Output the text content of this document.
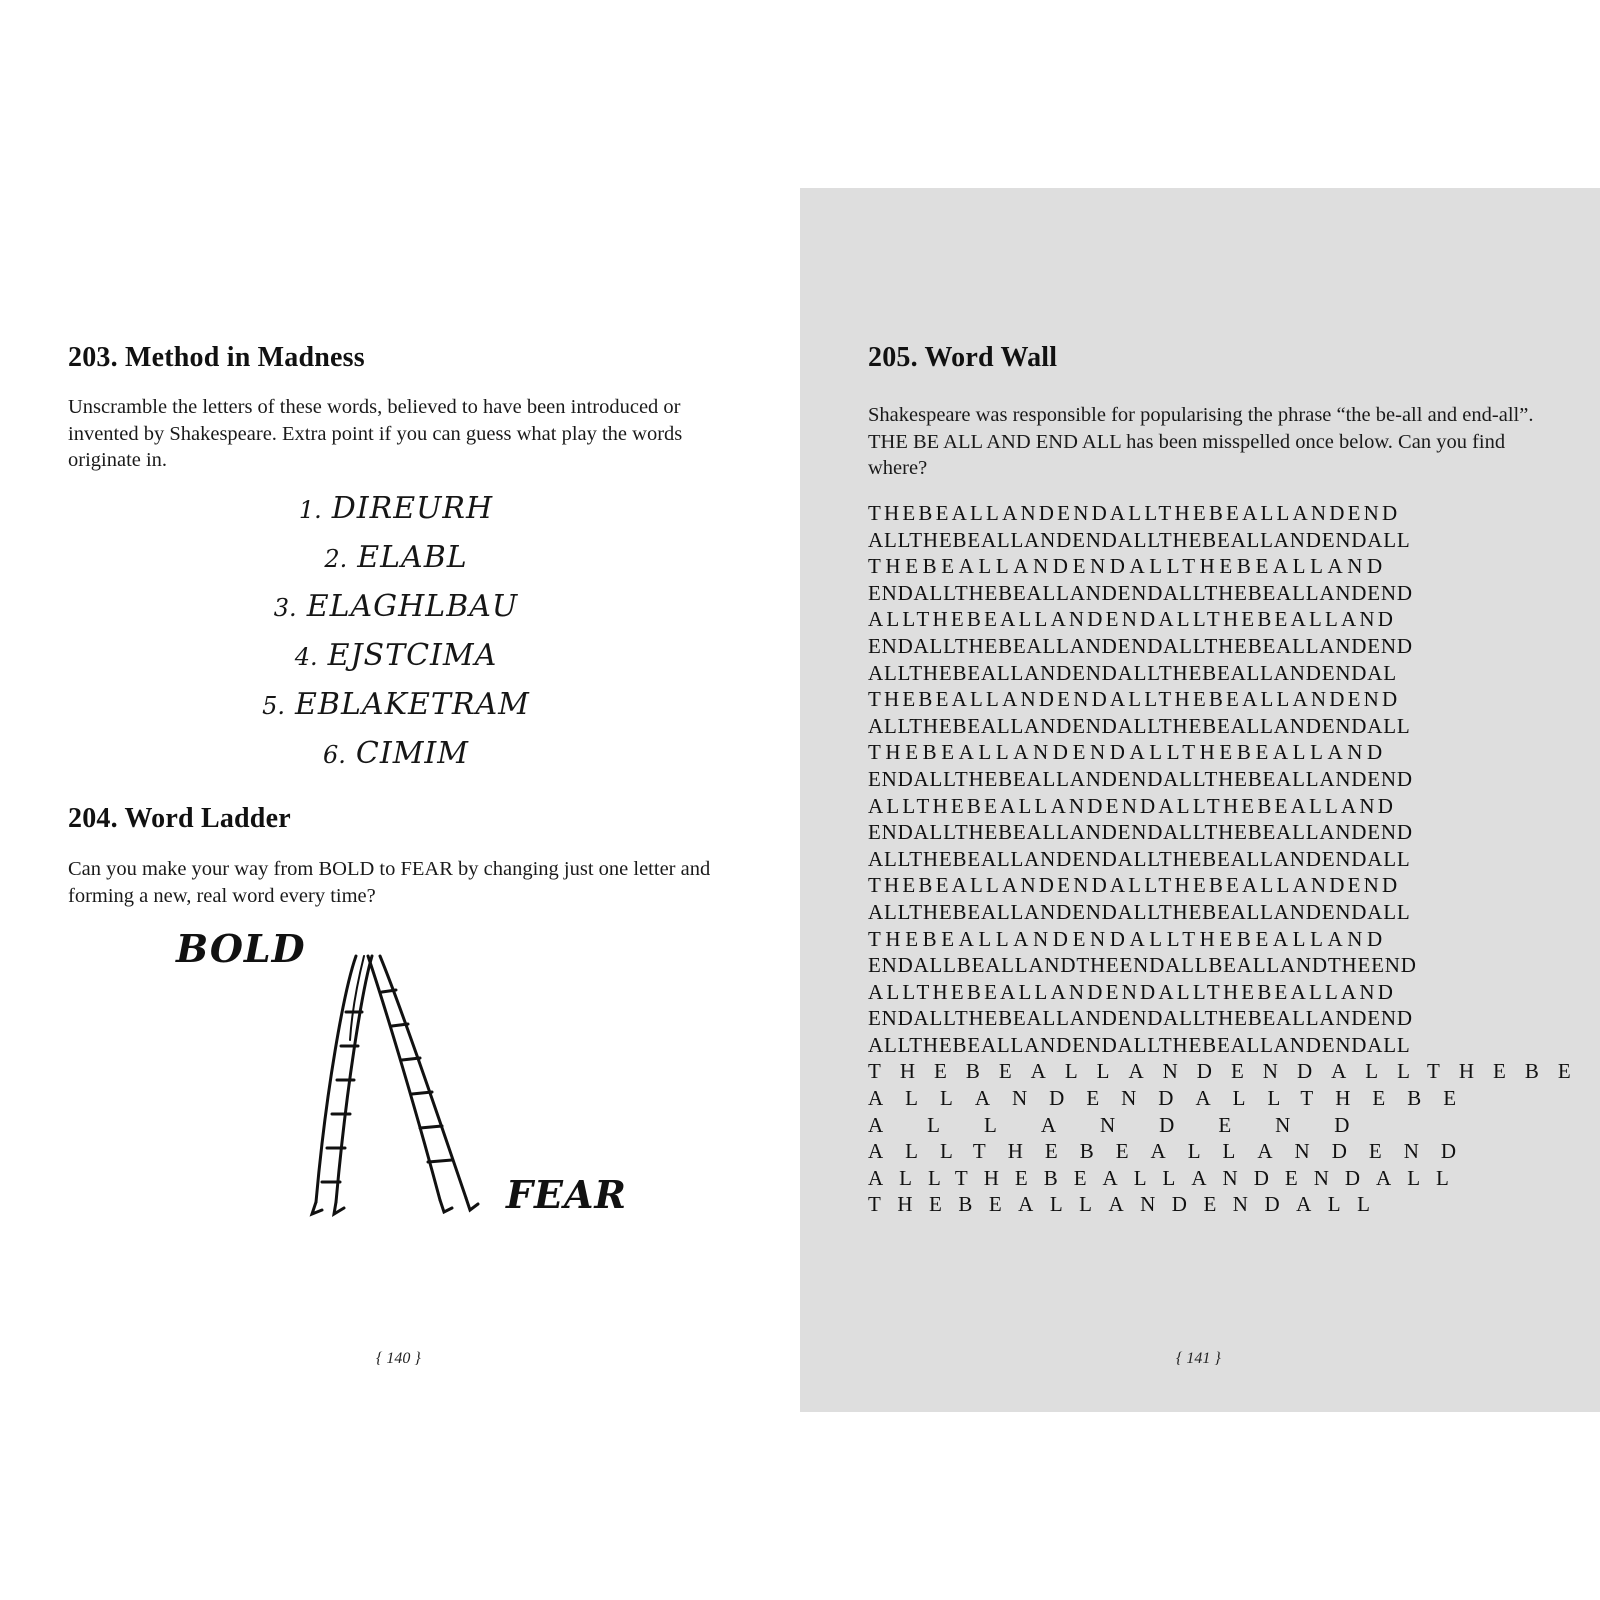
203. Method in Madness

Unscramble the letters of these words, believed to have been introduced or invented by Shakespeare. Extra point if you can guess what play the words originate in.

1. DIREURH
2. ELABL
3. ELAGHLBAU
4. EJSTCIMA
5. EBLAKETRAM
6. CIMIM
204. Word Ladder

Can you make your way from BOLD to FEAR by changing just one letter and forming a new, real word every time?

BOLD
FEAR
{ 140 }
205. Word Wall

Shakespeare was responsible for popularising the phrase “the be-all and end-all”. THE BE ALL AND END ALL has been misspelled once below. Can you find where?

THEBEALLANDENDALLTHEBEALLANDEND
ALLTHEBEALLANDENDALLTHEBEALLANDENDALL
THEBEALLANDENDALLTHEBEALLAND
ENDALLTHEBEALLANDENDALLTHEBEALLANDEND
ALLTHEBEALLANDENDALLTHEBEALLAND
ENDALLTHEBEALLANDENDALLTHEBEALLANDEND
ALLTHEBEALLANDENDALLTHEBEALLANDENDAL
THEBEALLANDENDALLTHEBEALLANDEND
ALLTHEBEALLANDENDALLTHEBEALLANDENDALL
THEBEALLANDENDALLTHEBEALLAND
ENDALLTHEBEALLANDENDALLTHEBEALLANDEND
ALLTHEBEALLANDENDALLTHEBEALLAND
ENDALLTHEBEALLANDENDALLTHEBEALLANDEND
ALLTHEBEALLANDENDALLTHEBEALLANDENDALL
THEBEALLANDENDALLTHEBEALLANDEND
ALLTHEBEALLANDENDALLTHEBEALLANDENDALL
THEBEALLANDENDALLTHEBEALLAND
ENDALLBEALLANDTHEENDALLBEALLANDTHEEND
ALLTHEBEALLANDENDALLTHEBEALLAND
ENDALLTHEBEALLANDENDALLTHEBEALLANDEND
ALLTHEBEALLANDENDALLTHEBEALLANDENDALL
THEBEALLANDENDALLTHEBE
ALLANDENDALLTHEBE
ALLANDEND
ALLTHEBEALLANDEND
ALLTHEBEALLANDENDALL
THEBEALLANDENDALL
{ 141 }
